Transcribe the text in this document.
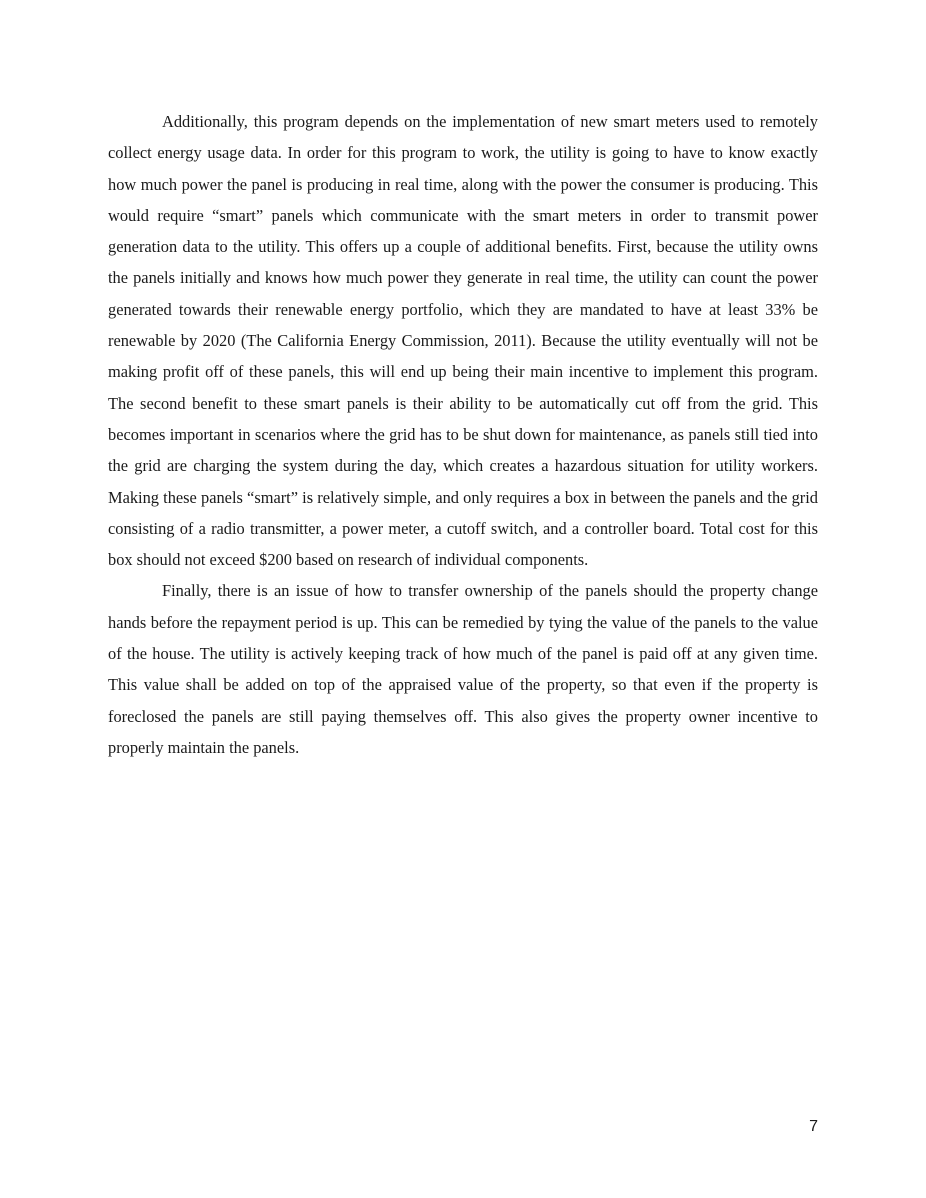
Additionally, this program depends on the implementation of new smart meters used to remotely collect energy usage data. In order for this program to work, the utility is going to have to know exactly how much power the panel is producing in real time, along with the power the consumer is producing. This would require “smart” panels which communicate with the smart meters in order to transmit power generation data to the utility. This offers up a couple of additional benefits. First, because the utility owns the panels initially and knows how much power they generate in real time, the utility can count the power generated towards their renewable energy portfolio, which they are mandated to have at least 33% be renewable by 2020 (The California Energy Commission, 2011). Because the utility eventually will not be making profit off of these panels, this will end up being their main incentive to implement this program. The second benefit to these smart panels is their ability to be automatically cut off from the grid. This becomes important in scenarios where the grid has to be shut down for maintenance, as panels still tied into the grid are charging the system during the day, which creates a hazardous situation for utility workers. Making these panels “smart” is relatively simple, and only requires a box in between the panels and the grid consisting of a radio transmitter, a power meter, a cutoff switch, and a controller board. Total cost for this box should not exceed $200 based on research of individual components.

Finally, there is an issue of how to transfer ownership of the panels should the property change hands before the repayment period is up. This can be remedied by tying the value of the panels to the value of the house. The utility is actively keeping track of how much of the panel is paid off at any given time. This value shall be added on top of the appraised value of the property, so that even if the property is foreclosed the panels are still paying themselves off. This also gives the property owner incentive to properly maintain the panels.

7
